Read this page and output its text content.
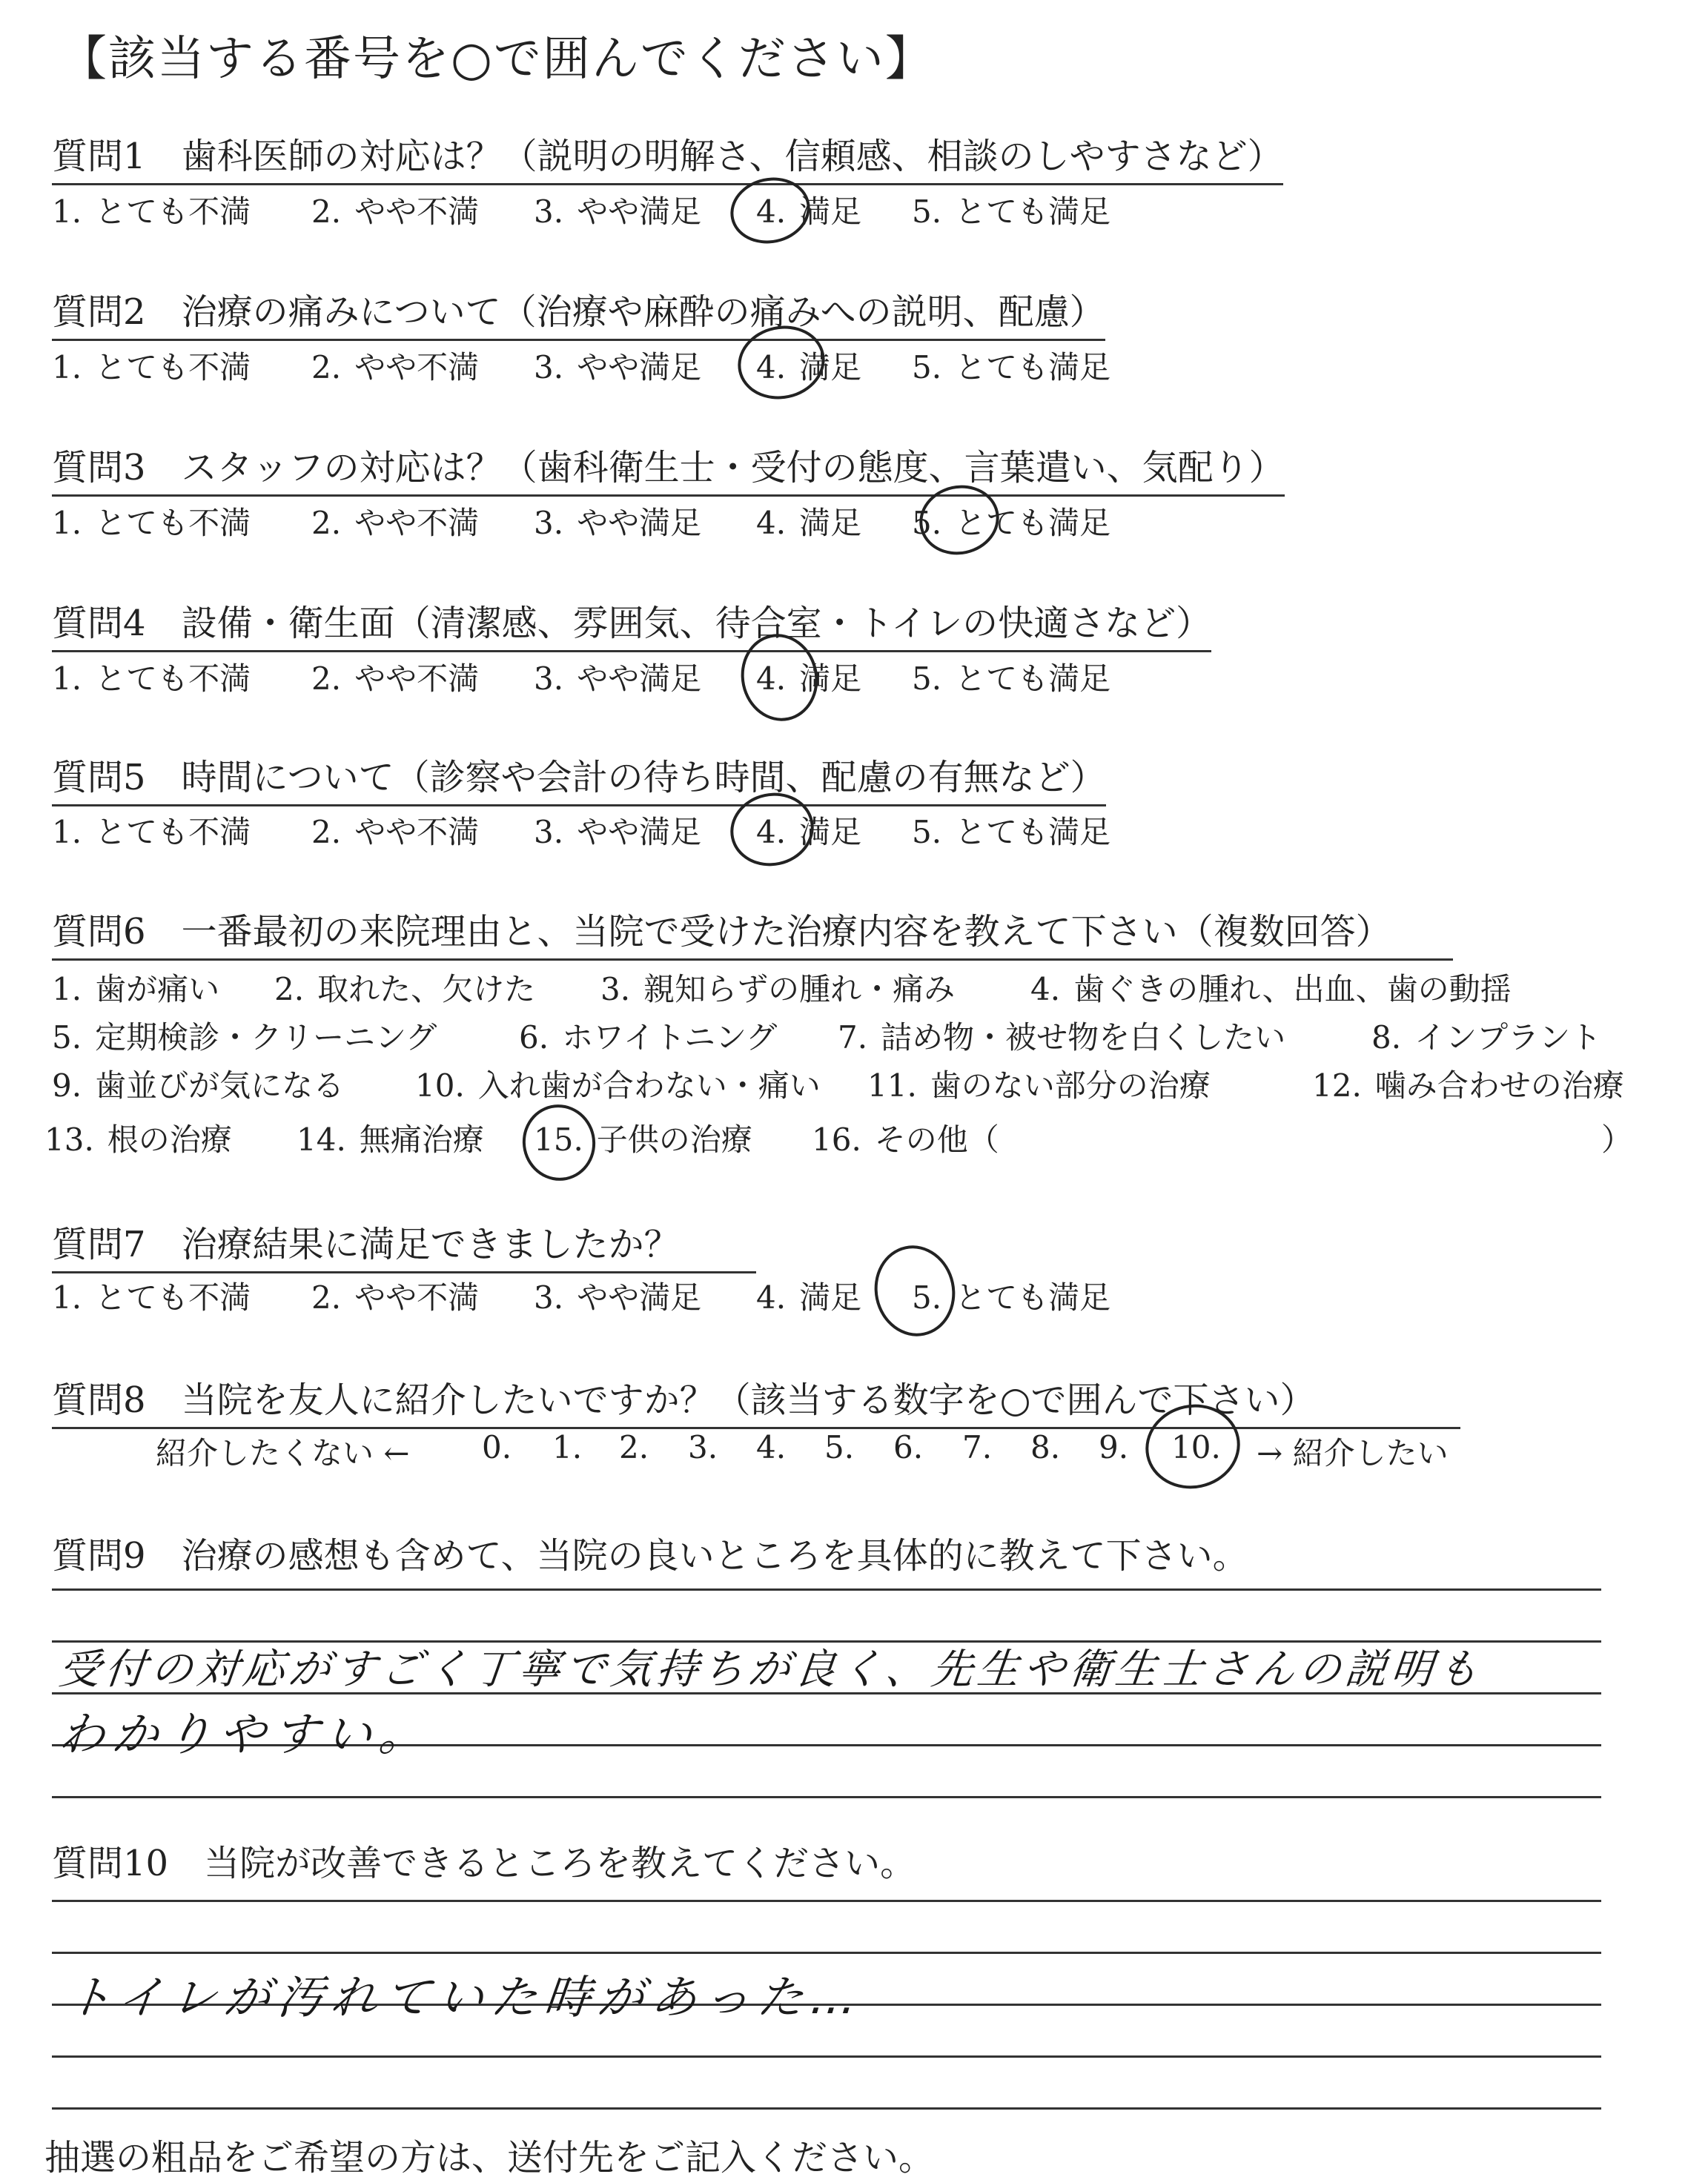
【該当する番号を○で囲んでください】
質問1　 歯科医師の対応は？（説明の明解さ、信頼感、相談のしやすさなど）
1. とても不満 2. やや不満 3. やや満足 4. 満足 5. とても満足
質問2　 治療の痛みについて（治療や麻酔の痛みへの説明、配慮）
1. とても不満 2. やや不満 3. やや満足 4. 満足 5. とても満足
質問3　 スタッフの対応は？（歯科衛生士・受付の態度、言葉遣い、気配り）
1. とても不満 2. やや不満 3. やや満足 4. 満足 5. とても満足
質問4　 設備・衛生面（清潔感、雰囲気、待合室・トイレの快適さなど）
1. とても不満 2. やや不満 3. やや満足 4. 満足 5. とても満足
質問5　 時間について（診察や会計の待ち時間、配慮の有無など）
1. とても不満 2. やや不満 3. やや満足 4. 満足 5. とても満足
質問6　 一番最初の来院理由と、当院で受けた治療内容を教えて下さい（複数回答）
1. 歯が痛い 2. 取れた、欠けた 3. 親知らずの腫れ・痛み 4. 歯ぐきの腫れ、出血、歯の動揺
5. 定期検診・クリーニング	6. ホワイトニング 7. 詰め物・被せ物を白くしたい	8. インプラント
9. 歯並びが気になる 10. 入れ歯が合わない・痛い 11. 歯のない部分の治療	12. 噛み合わせの治療
13. 根の治療 14. 無痛治療 15. 子供の治療 16. その他（	）
質問7　 治療結果に満足できましたか？
1. とても不満 2. やや不満 3. やや満足 4. 満足 5. とても満足
質問8　 当院を友人に紹介したいですか？（該当する数字を○で囲んで下さい）
紹介したくない ← 0. 1. 2. 3. 4. 5. 6. 7. 8. 9. 10. → 紹介したい
質問9　 治療の感想も含めて、当院の良いところを具体的に教えて下さい。
受付の対応がすごく丁寧で気持ちが良く、先生や衛生士さんの説明も
わかりやすい。
質問10　 当院が改善できるところを教えてください。
トイレが汚れていた時があった…
抽選の粗品をご希望の方は、送付先をご記入ください。
